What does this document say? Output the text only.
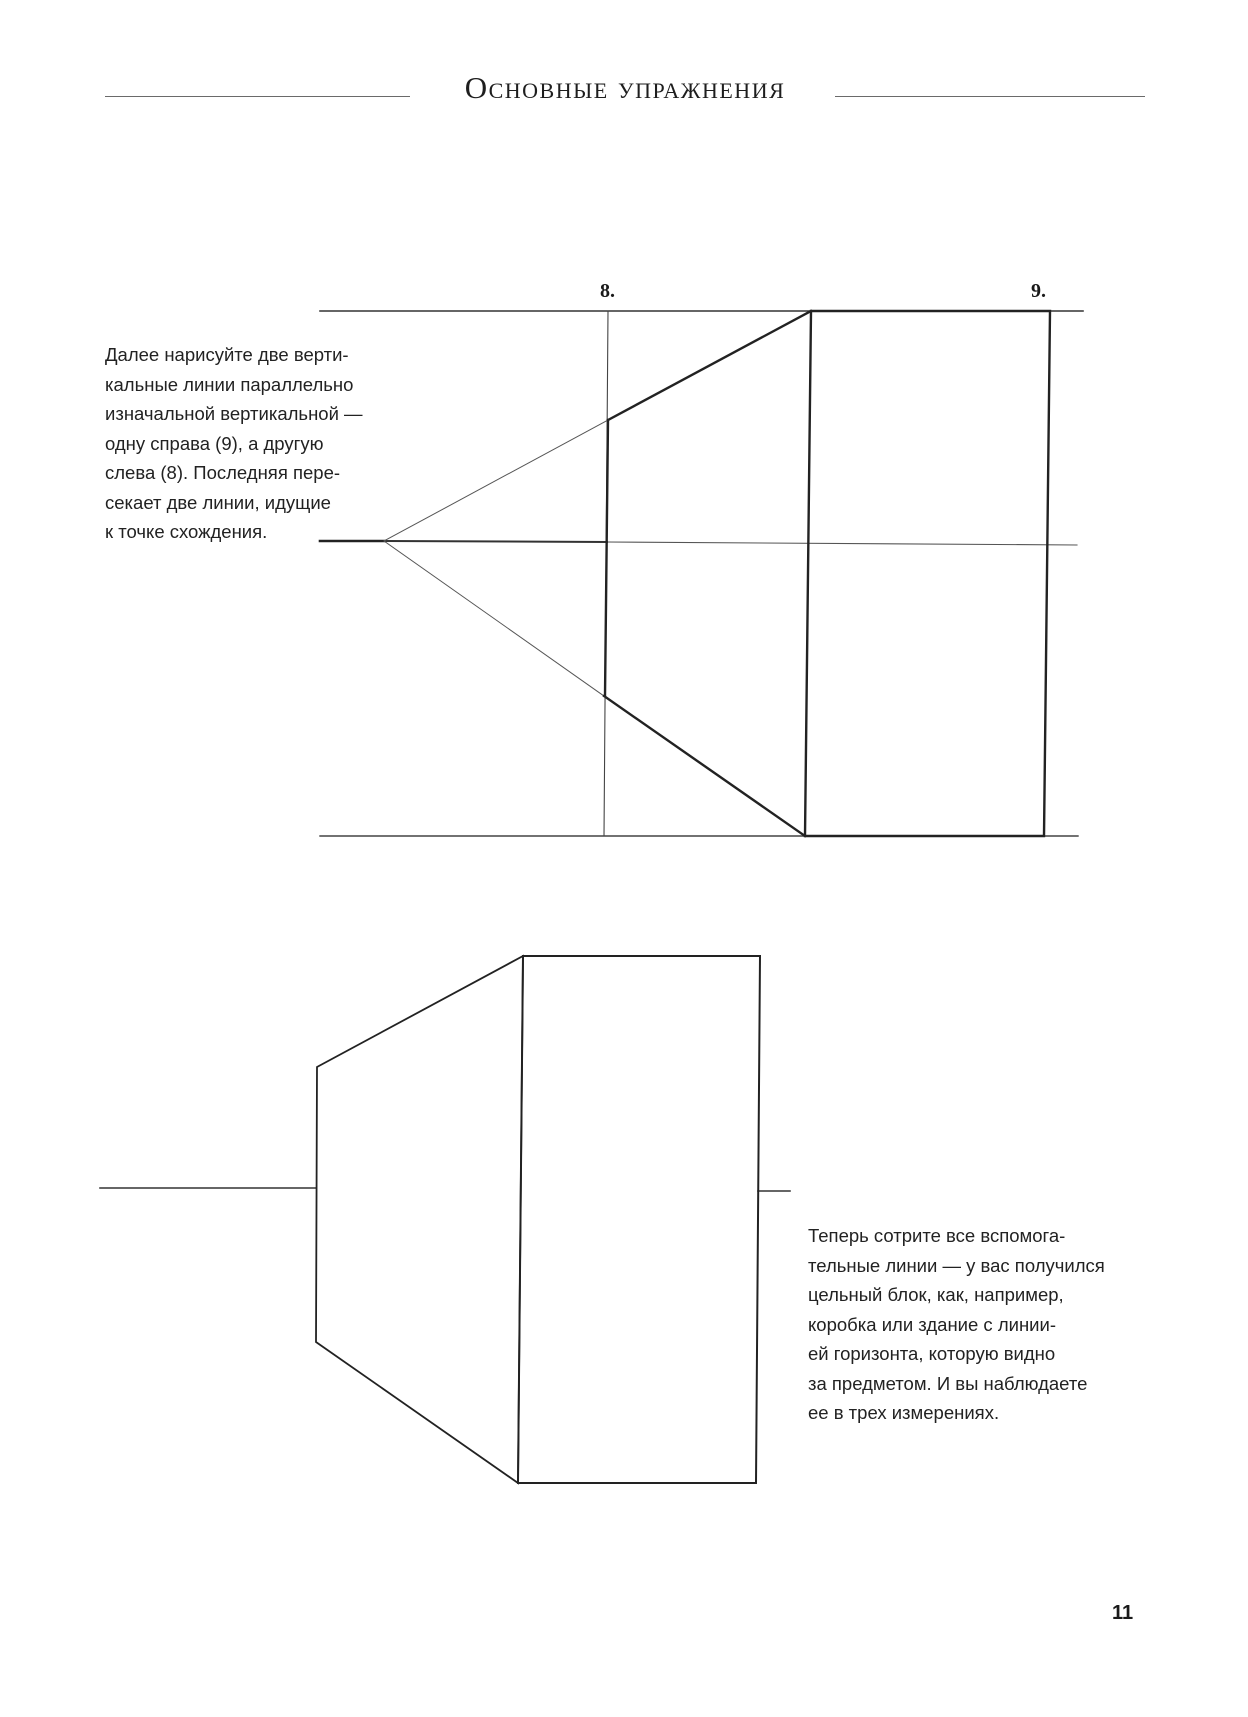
Основные упражнения
8.	9.
Далее нарисуйте две верти-
кальные линии параллельно
изначальной вертикальной —
одну справа (9), а другую
слева (8). Последняя пере-
секает две линии, идущие
к точке схождения.
Теперь сотрите все вспомога-
тельные линии — у вас получился
цельный блок, как, например,
коробка или здание с линии-
ей горизонта, которую видно
за предметом. И вы наблюдаете
ее в трех измерениях.
11
